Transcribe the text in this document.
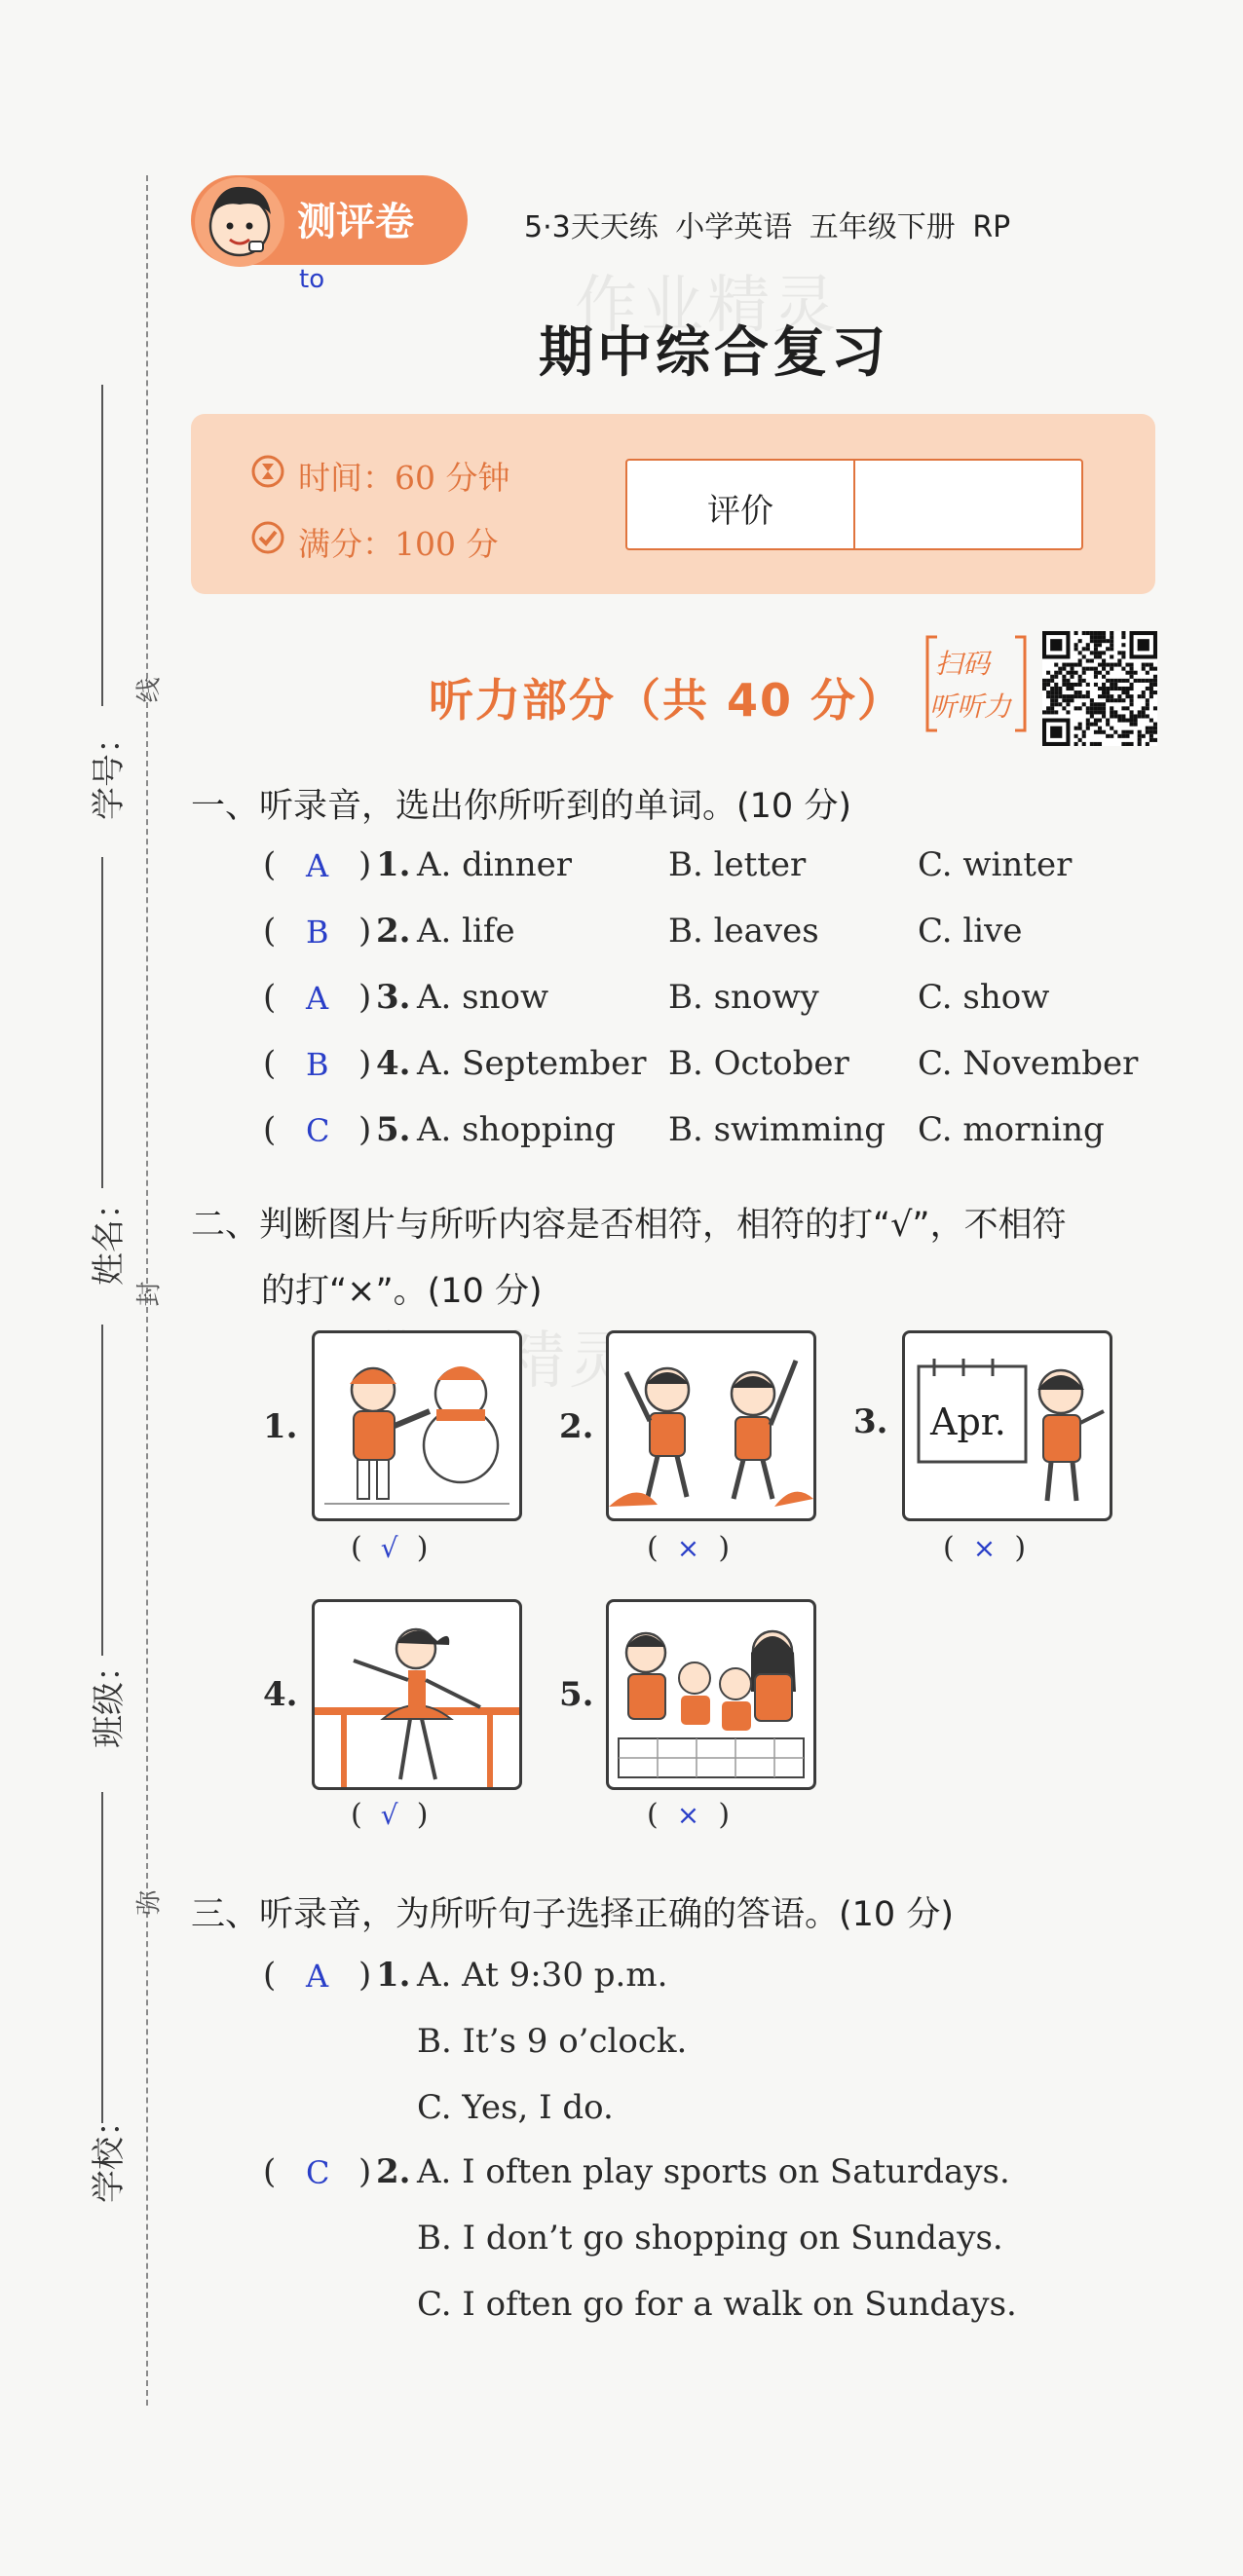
学号：
姓名：
班级：
学校：
线
封
弥
测评卷
to
5·3天天练 小学英语 五年级下册 RP
期中综合复习
作业精灵
时间：60 分钟
满分：100 分
评价
听力部分（共 40 分）
扫码
听听力
一、听录音，选出你所听到的单词。(10 分)
( A ) 1. A. dinner	B. letter	C. winter
( B ) 2. A. life	B. leaves	C. live
( A ) 3. A. snow	B. snowy	C. show
( B ) 4. A. September B. October C. November
( C ) 5. A. shopping B. swimming C. morning
二、判断图片与所听内容是否相符，相符的打“√”，不相符
的打“×”。(10 分)
1.
(  √  )
2.
(  ×  )
3. Apr.
(  ×  )
4.
(  √  )
5.
(  ×  )
三、听录音，为所听句子选择正确的答语。(10 分)
( A ) 1. A. At 9:30 p.m.
B. It’s 9 o’clock.
C. Yes, I do.
( C ) 2. A. I often play sports on Saturdays.
B. I don’t go shopping on Sundays.
C. I often go for a walk on Sundays.
